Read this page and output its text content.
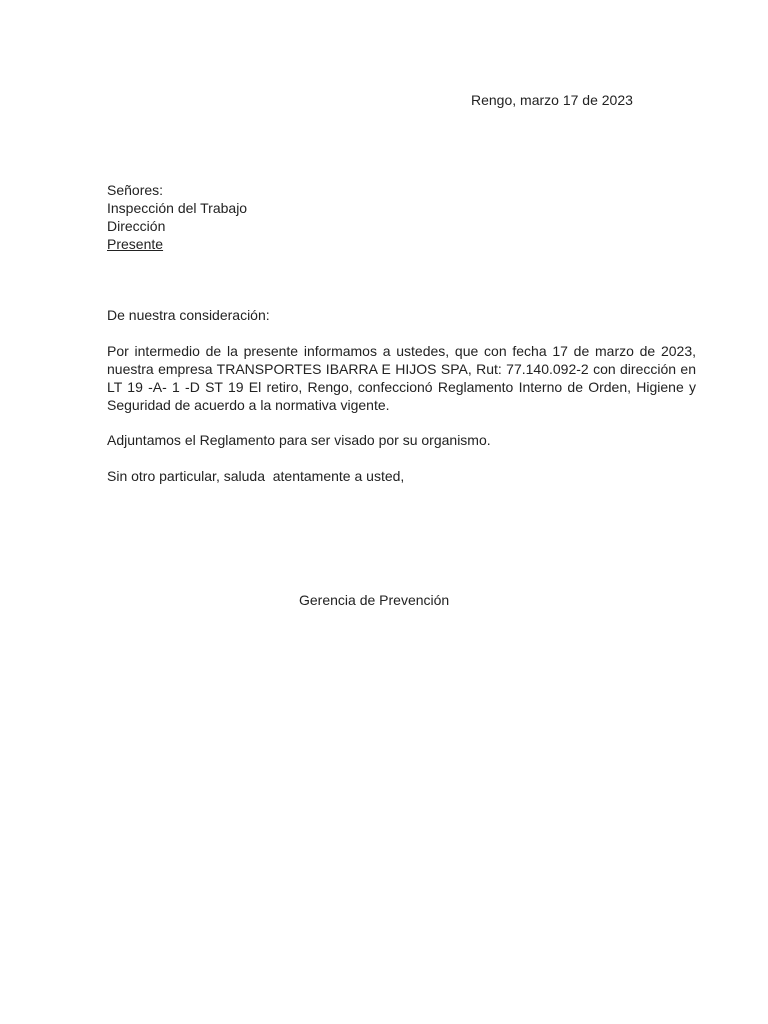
Rengo, marzo 17 de 2023
Señores:
Inspección del Trabajo
Dirección
Presente
De nuestra consideración:
Por intermedio de la presente informamos a ustedes, que con fecha 17 de marzo de 2023, nuestra empresa TRANSPORTES IBARRA E HIJOS SPA, Rut: 77.140.092-2 con dirección en LT 19 -A- 1 -D ST 19 El retiro, Rengo, confeccionó Reglamento Interno de Orden, Higiene y Seguridad de acuerdo a la normativa vigente.
Adjuntamos el Reglamento para ser visado por su organismo.
Sin otro particular, saluda  atentamente a usted,
Gerencia de Prevención
